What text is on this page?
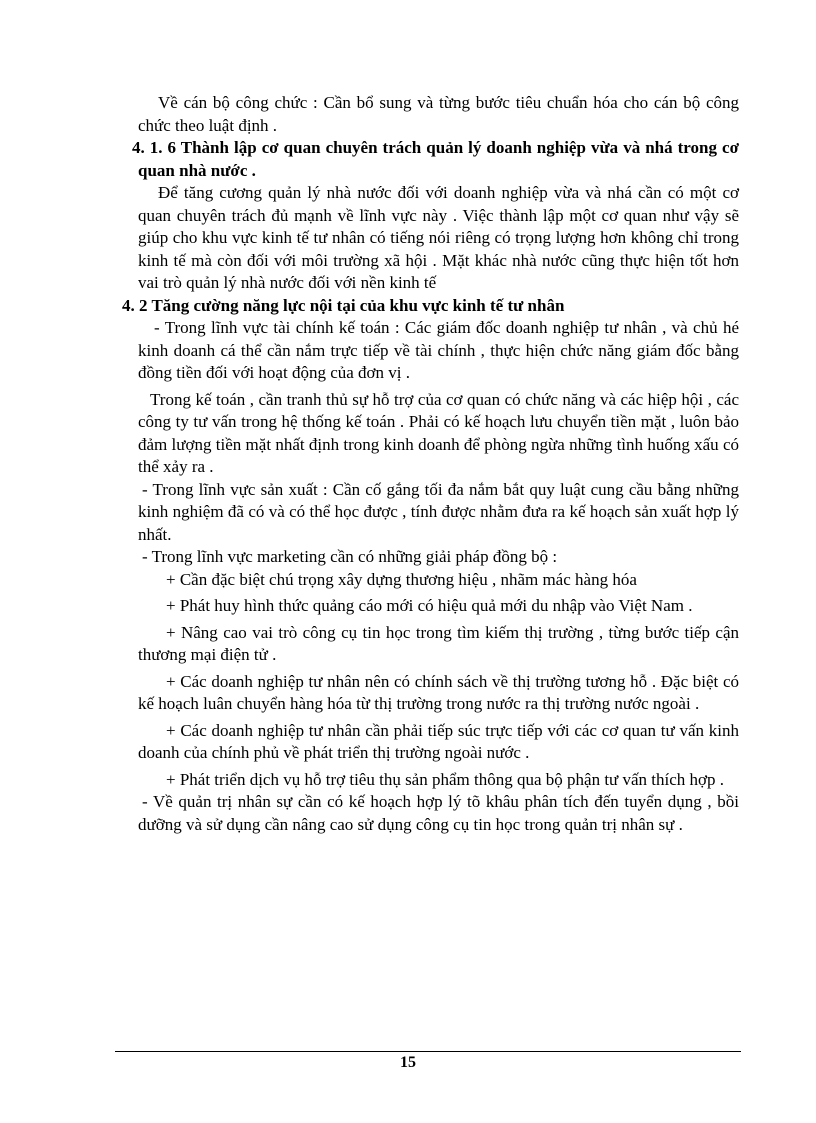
Về cán bộ công chức : Cần bổ sung và từng bước tiêu chuẩn hóa cho cán bộ công chức theo luật định .

4. 1. 6 Thành lập cơ quan chuyên trách quản lý doanh nghiệp vừa và nhá trong cơ quan nhà nước .

Để tăng cương quản lý nhà nước đối với doanh nghiệp vừa và nhá cần có một cơ quan chuyên trách đủ mạnh về lĩnh vực này . Việc thành lập một cơ quan như vậy sẽ giúp cho khu vực kinh tế tư nhân có tiếng nói riêng có trọng lượng hơn không chỉ trong kinh tế mà còn đối với môi trường xã hội . Mặt khác nhà nước cũng thực hiện tốt hơn vai trò quản lý nhà nước đối với nền kinh tế

4. 2 Tăng cường năng lực nội tại của khu vực kinh tế tư nhân

- Trong lĩnh vực tài chính kế toán : Các giám đốc doanh nghiệp tư nhân , và chủ hé kinh doanh cá thể cần nắm trực tiếp về tài chính , thực hiện chức năng giám đốc bằng đồng tiền đối với hoạt động của đơn vị .

Trong kế toán , cần tranh thủ sự hỗ trợ của cơ quan có chức năng và các hiệp hội , các công ty tư vấn trong hệ thống kế toán . Phải có kế hoạch lưu chuyển tiền mặt , luôn bảo đảm lượng tiền mặt nhất định trong kinh doanh để phòng ngừa những tình huống xấu có thể xảy ra .

- Trong lĩnh vực sản xuất : Cần cố gắng tối đa nắm bắt quy luật cung cầu bằng những kinh nghiệm đã có và có thể học được , tính được nhằm đưa ra kế hoạch sản xuất hợp lý nhất.

- Trong lĩnh vực marketing cần có những giải pháp đồng bộ :

+ Cần đặc biệt chú trọng xây dựng thương hiệu , nhãm mác hàng hóa

+ Phát huy hình thức quảng cáo mới có hiệu quả mới du nhập vào Việt Nam .

+ Nâng cao vai trò công cụ tin học trong tìm kiếm thị trường , từng bước tiếp cận thương mại điện tử .

+ Các doanh nghiệp tư nhân nên có chính sách về thị trường tương hỗ . Đặc biệt có kế hoạch luân chuyển hàng hóa từ thị trường trong nước ra thị trường nước ngoài .

+ Các doanh nghiệp tư nhân cần phải tiếp súc trực tiếp với các cơ quan tư vấn kinh doanh của chính phủ về phát triển thị trường ngoài nước .

+ Phát triển dịch vụ hỗ trợ tiêu thụ sản phẩm thông qua bộ phận tư vấn thích hợp .

- Về quản trị nhân sự cần có kế hoạch hợp lý tõ khâu phân tích đến tuyển dụng , bồi dưỡng và sử dụng cần nâng cao sử dụng công cụ tin học trong quản trị nhân sự .

15
